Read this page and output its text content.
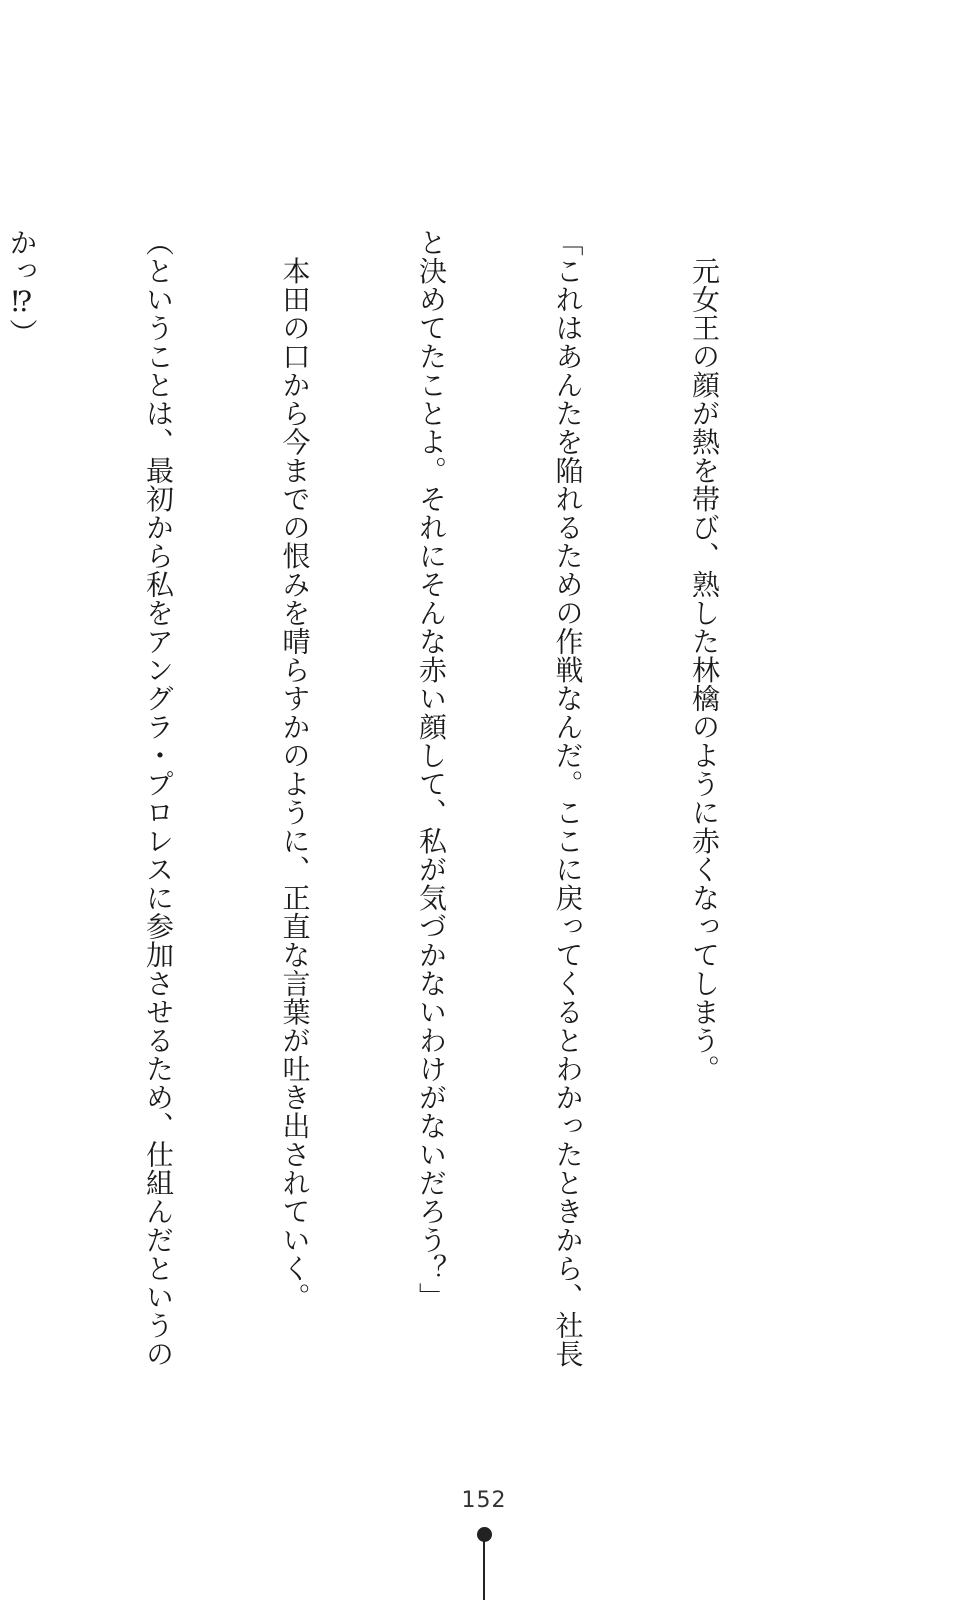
　元女王の顔が熱を帯び、熟した林檎のように赤くなってしまう。

「これはあんたを陥れるための作戦なんだ。ここに戻ってくるとわかったときから、社長

と決めてたことよ。それにそんな赤い顔して、私が気づかないわけがないだろう？」

　本田の口から今までの恨みを晴らすかのように、正直な言葉が吐き出されていく。

（ということは、最初から私をアングラ・プロレスに参加させるため、仕組んだというの

かっ⁉）

152
